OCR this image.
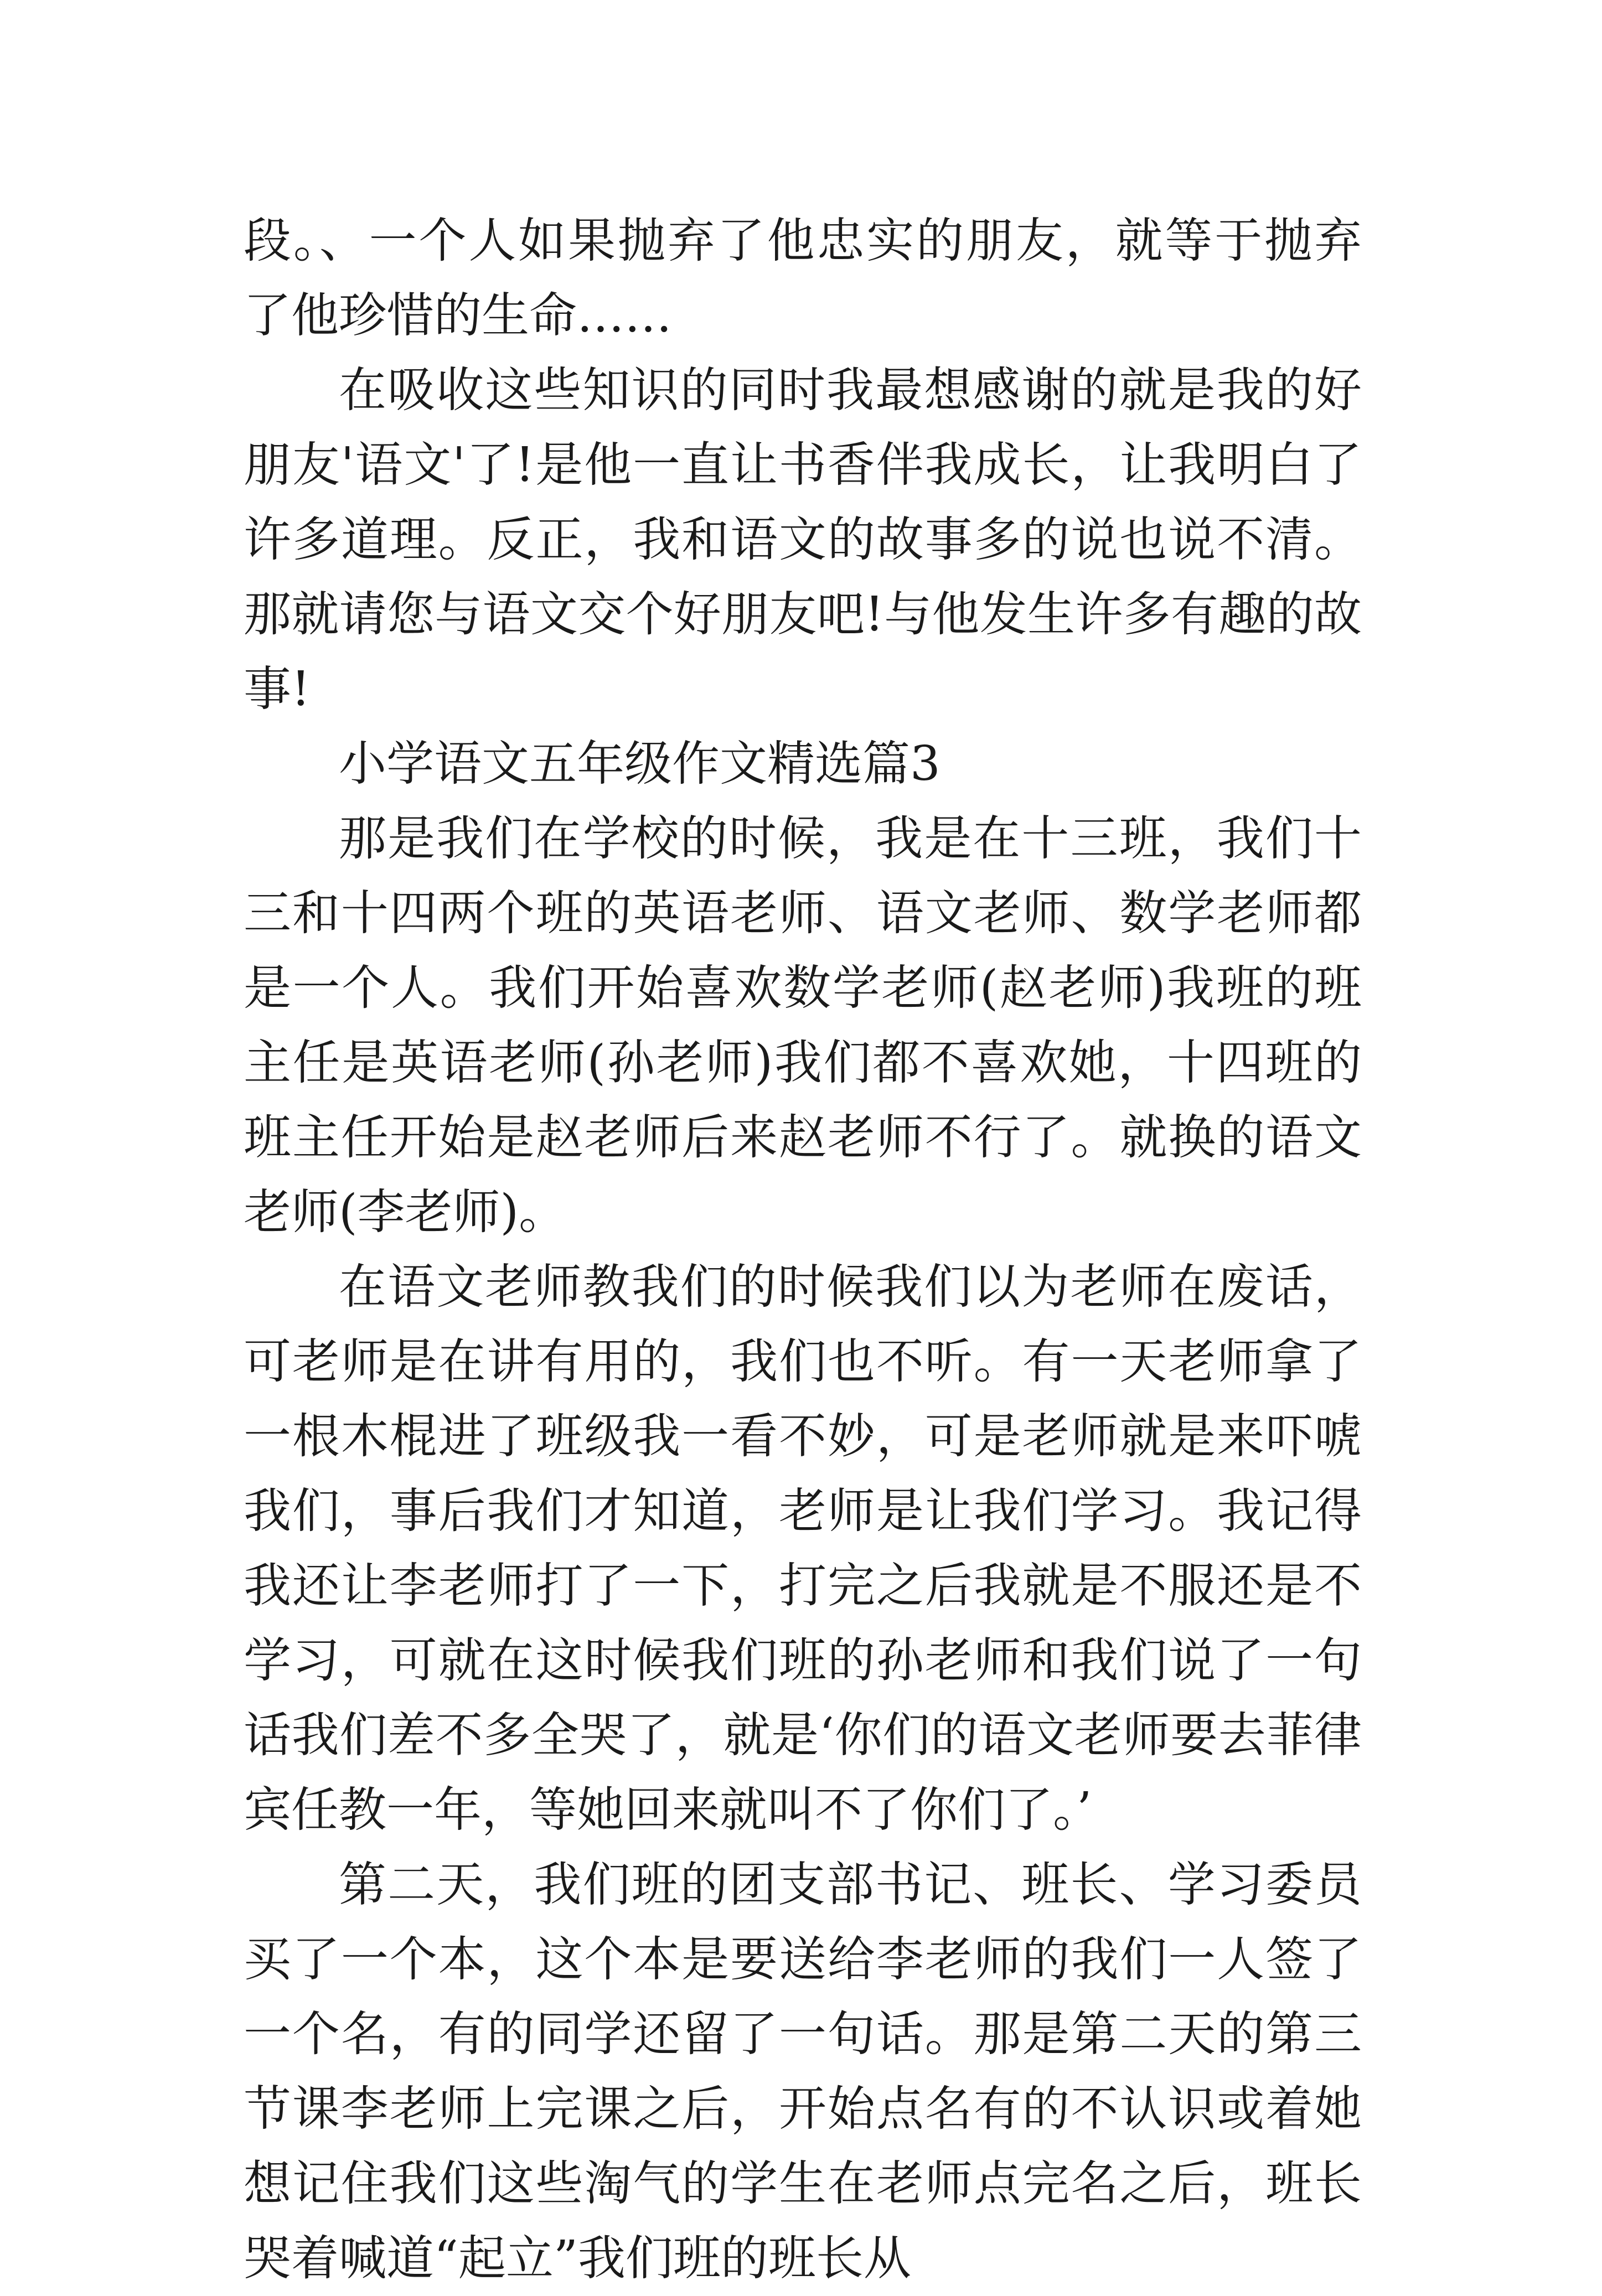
段。、一个人如果抛弃了他忠实的朋友，就等于抛弃了他珍惜的生命……

在吸收这些知识的同时我最想感谢的就是我的好朋友'语文'了!是他一直让书香伴我成长，让我明白了许多道理。反正，我和语文的故事多的说也说不清。那就请您与语文交个好朋友吧!与他发生许多有趣的故事!

小学语文五年级作文精选篇3

那是我们在学校的时候，我是在十三班，我们十三和十四两个班的英语老师、语文老师、数学老师都是一个人。我们开始喜欢数学老师(赵老师)我班的班主任是英语老师(孙老师)我们都不喜欢她，十四班的班主任开始是赵老师后来赵老师不行了。就换的语文老师(李老师)。

在语文老师教我们的时候我们以为老师在废话，可老师是在讲有用的，我们也不听。有一天老师拿了一根木棍进了班级我一看不妙，可是老师就是来吓唬我们，事后我们才知道，老师是让我们学习。我记得我还让李老师打了一下，打完之后我就是不服还是不学习，可就在这时候我们班的孙老师和我们说了一句话我们差不多全哭了，就是‘你们的语文老师要去菲律宾任教一年，等她回来就叫不了你们了。’

第二天，我们班的团支部书记、班长、学习委员买了一个本，这个本是要送给李老师的我们一人签了一个名，有的同学还留了一句话。那是第二天的第三节课李老师上完课之后，开始点名有的不认识或着她想记住我们这些淘气的学生在老师点完名之后，班长哭着喊道“起立”我们班的班长从
